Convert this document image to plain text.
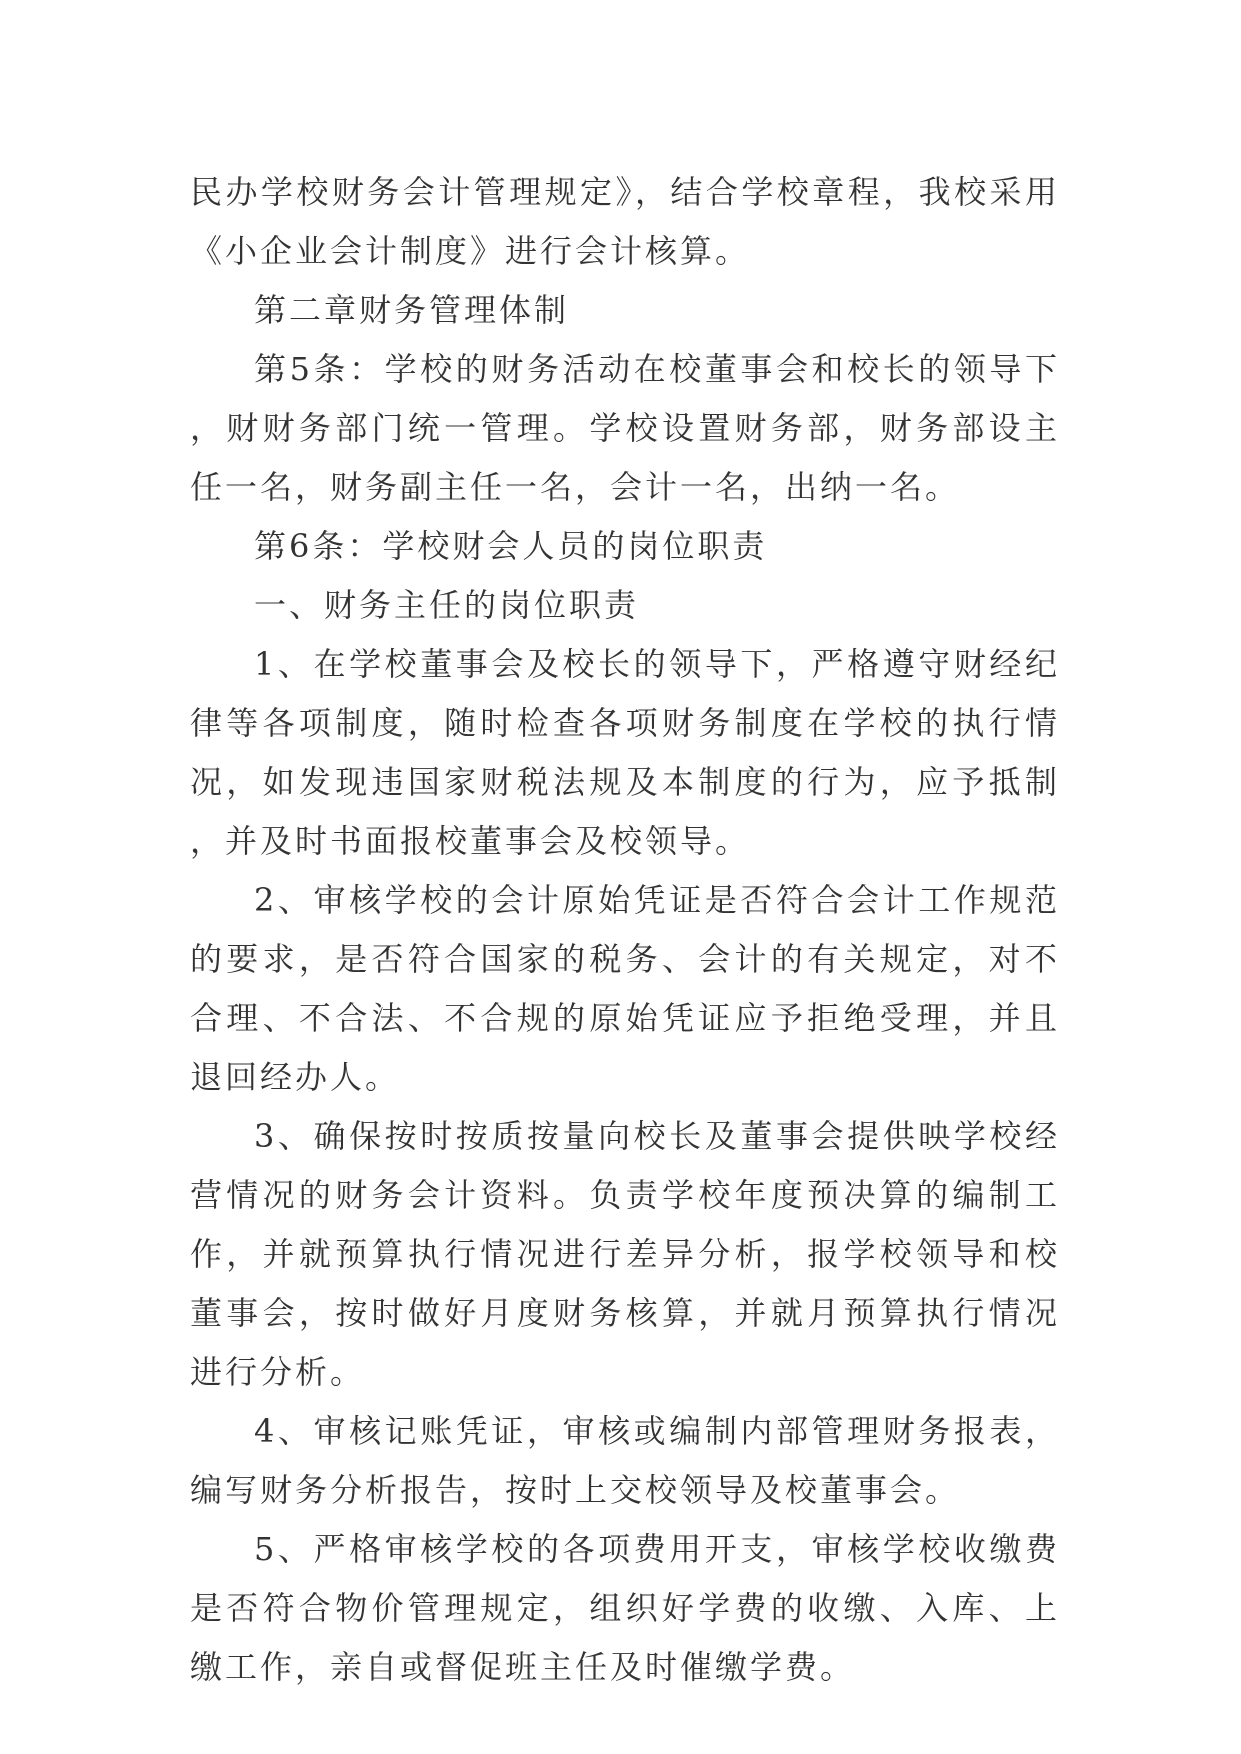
民办学校财务会计管理规定》，结合学校章程，我校采用《小企业会计制度》进行会计核算。

第二章财务管理体制

第5条：学校的财务活动在校董事会和校长的领导下，财财务部门统一管理。学校设置财务部，财务部设主任一名，财务副主任一名，会计一名，出纳一名。

第6条：学校财会人员的岗位职责

一、财务主任的岗位职责

1、在学校董事会及校长的领导下，严格遵守财经纪律等各项制度，随时检查各项财务制度在学校的执行情况，如发现违国家财税法规及本制度的行为，应予抵制，并及时书面报校董事会及校领导。

2、审核学校的会计原始凭证是否符合会计工作规范的要求，是否符合国家的税务、会计的有关规定，对不合理、不合法、不合规的原始凭证应予拒绝受理，并且退回经办人。

3、确保按时按质按量向校长及董事会提供映学校经营情况的财务会计资料。负责学校年度预决算的编制工作，并就预算执行情况进行差异分析，报学校领导和校董事会，按时做好月度财务核算，并就月预算执行情况进行分析。

4、审核记账凭证，审核或编制内部管理财务报表，编写财务分析报告，按时上交校领导及校董事会。

5、严格审核学校的各项费用开支，审核学校收缴费是否符合物价管理规定，组织好学费的收缴、入库、上缴工作，亲自或督促班主任及时催缴学费。
